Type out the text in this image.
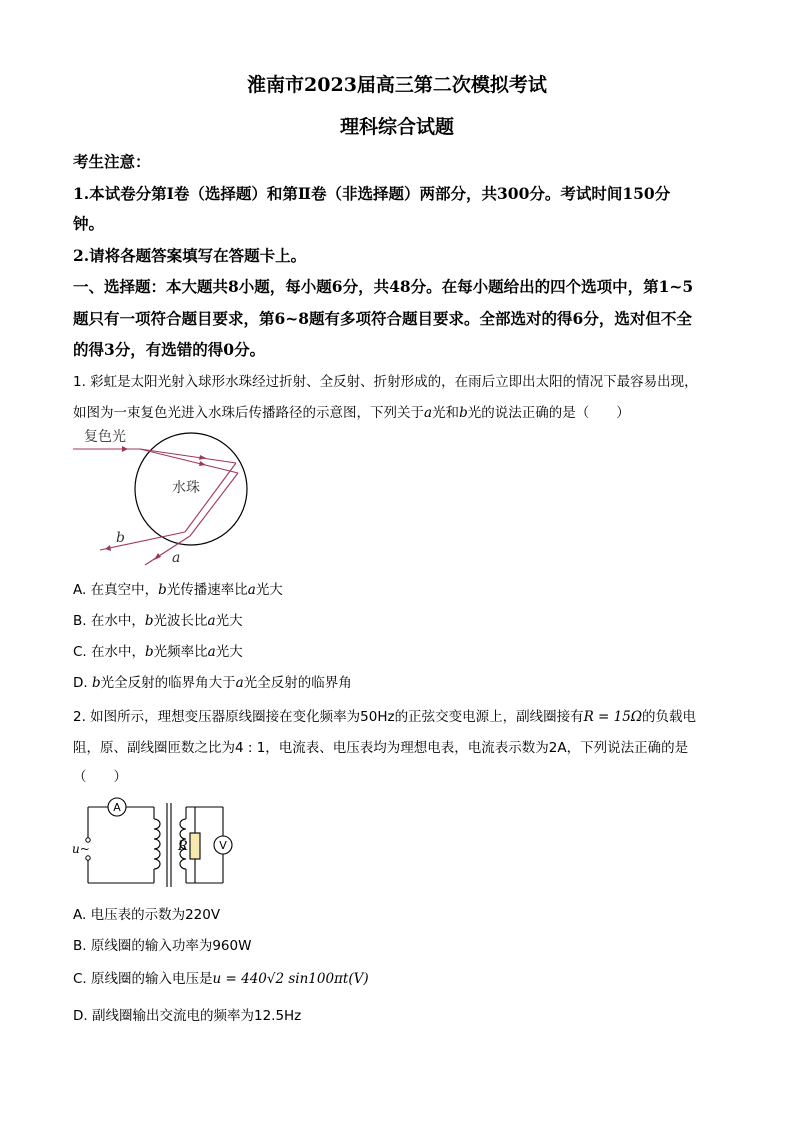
淮南市2023届高三第二次模拟考试
理科综合试题
考生注意：
1.本试卷分第Ⅰ卷（选择题）和第Ⅱ卷（非选择题）两部分，共300分。考试时间150分
钟。
2.请将各题答案填写在答题卡上。
一、选择题：本大题共8小题，每小题6分，共48分。在每小题给出的四个选项中，第1~5
题只有一项符合题目要求，第6~8题有多项符合题目要求。全部选对的得6分，选对但不全
的得3分，有选错的得0分。
1. 彩虹是太阳光射入球形水珠经过折射、全反射、折射形成的，在雨后立即出太阳的情况下最容易出现，
如图为一束复色光进入水珠后传播路径的示意图，下列关于a光和b光的说法正确的是（　　）
复色光
水珠
b
a
A. 在真空中，b光传播速率比a光大
B. 在水中，b光波长比a光大
C. 在水中，b光频率比a光大
D. b光全反射的临界角大于a光全反射的临界角
2. 如图所示，理想变压器原线圈接在变化频率为50Hz的正弦交变电源上，副线圈接有R = 15Ω的负载电
阻，原、副线圈匝数之比为4 : 1，电流表、电压表均为理想电表，电流表示数为2A，下列说法正确的是
（　　）
A
R	V
u~
A. 电压表的示数为220V
B. 原线圈的输入功率为960W
C. 原线圈的输入电压是u = 440√2 sin100πt(V)
D. 副线圈输出交流电的频率为12.5Hz
